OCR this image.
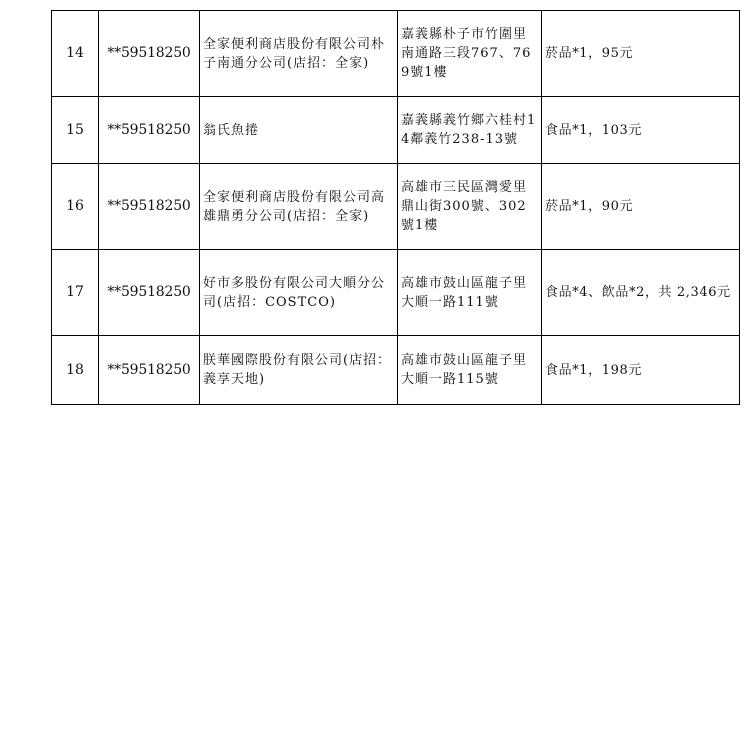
14	**59518250	全家便利商店股份有限公司朴子南通分公司(店招：全家)	嘉義縣朴子市竹圍里南通路三段767、769號1樓	菸品*1，95元
15	**59518250	翁氏魚捲	嘉義縣義竹鄉六桂村14鄰義竹238-13號	食品*1，103元
16	**59518250	全家便利商店股份有限公司高雄鼎勇分公司(店招：全家)	高雄市三民區灣愛里鼎山街300號、302號1樓	菸品*1，90元
17	**59518250	好市多股份有限公司大順分公司(店招：COSTCO)	高雄市鼓山區龍子里大順一路111號	食品*4、飲品*2，共 2,346元
18	**59518250	朕華國際股份有限公司(店招：義享天地)	高雄市鼓山區龍子里大順一路115號	食品*1，198元
